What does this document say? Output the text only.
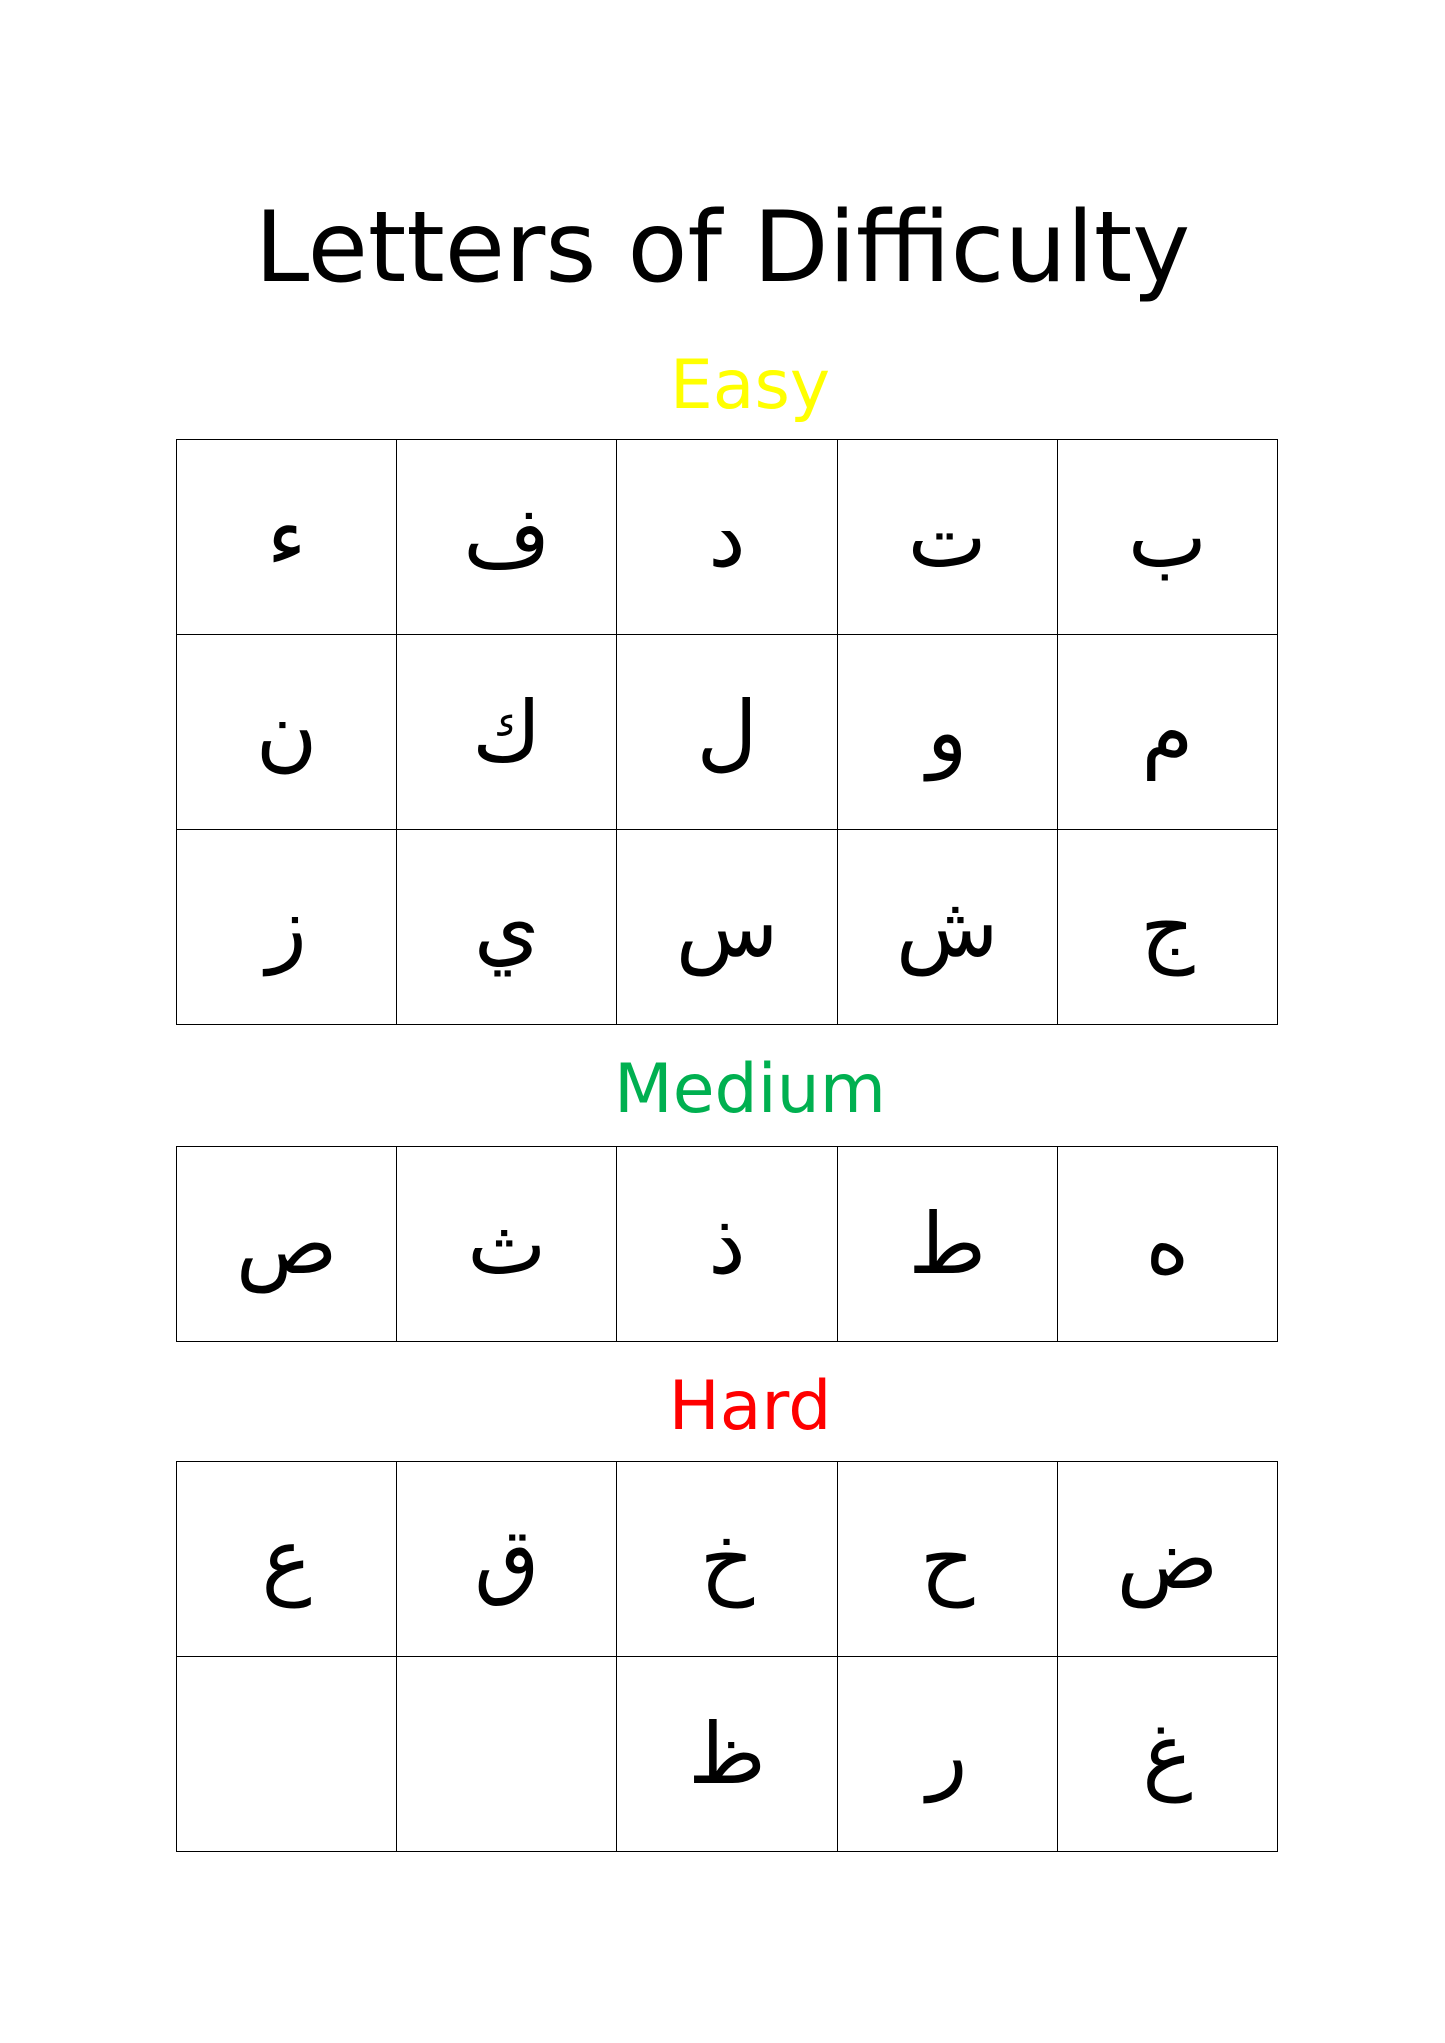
Letters of Difficulty
Easy
ء	ف	د	ت	ب
ن	ك	ل	و	م
ز	ي	س	ش	ج
Medium
ص	ث	ذ	ط	ه
Hard
ع	ق	خ	ح	ض
		ظ	ر	غ
